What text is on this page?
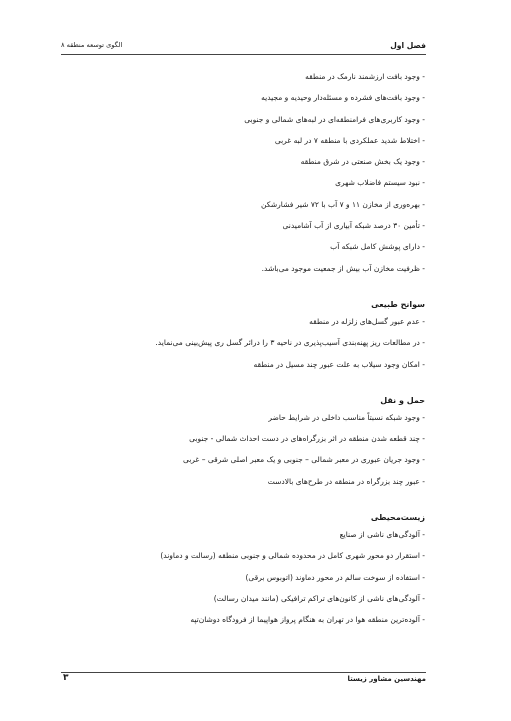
فصل اول
الگوی توسعه منطقه ۸
- وجود بافت ارزشمند نارمک در منطقه
- وجود بافت‌های فشرده و مسئله‌دار وحیدیه و مجیدیه
- وجود کاربری‌های فرامنطقه‌ای در لبه‌های شمالی و جنوبی
- اختلاط شدید عملکردی با منطقه ۷ در لبه غربی
- وجود یک بخش صنعتی در شرق منطقه
- نبود سیستم فاضلاب شهری
- بهره‌وری از مخازن ۱۱ و ۷ آب با ۷۲ شیر فشارشکن
- تأمین ۳۰ درصد شبکه آبیاری از آب آشامیدنی
- دارای پوشش کامل شبکه آب
- ظرفیت مخازن آب بیش از جمعیت موجود می‌باشد.
سوانح طبیعی
- عدم عبور گسل‌های زلزله در منطقه
- در مطالعات ریز پهنه‌بندی آسیب‌پذیری در ناحیه ۳ را درائر گسل ری پیش‌بینی می‌نماید.
- امکان وجود سیلاب به علت عبور چند مسیل در منطقه
حمل و نقل
- وجود شبکه نسبتاً مناسب داخلی در شرایط حاضر
- چند قطعه شدن منطقه در اثر بزرگراه‌های در دست احداث شمالی - جنوبی
- وجود جریان عبوری در معبر شمالی – جنوبی و یک معبر اصلی شرقی – غربی
- عبور چند بزرگراه در منطقه در طرح‌های بالادست
زیست‌محیطی
- آلودگی‌های ناشی از صنایع
- استقرار دو محور شهری کامل در محدوده شمالی و جنوبی منطقه (رسالت و دماوند)
- استفاده از سوخت سالم در محور دماوند (اتوبوس برقی)
- آلودگی‌های ناشی از کانون‌های تراکم ترافیکی (مانند میدان رسالت)
- آلوده‌ترین منطقه هوا در تهران به هنگام پرواز هواپیما از فرودگاه دوشان‌تپه
مهندسین مشاور زیستا
۳
